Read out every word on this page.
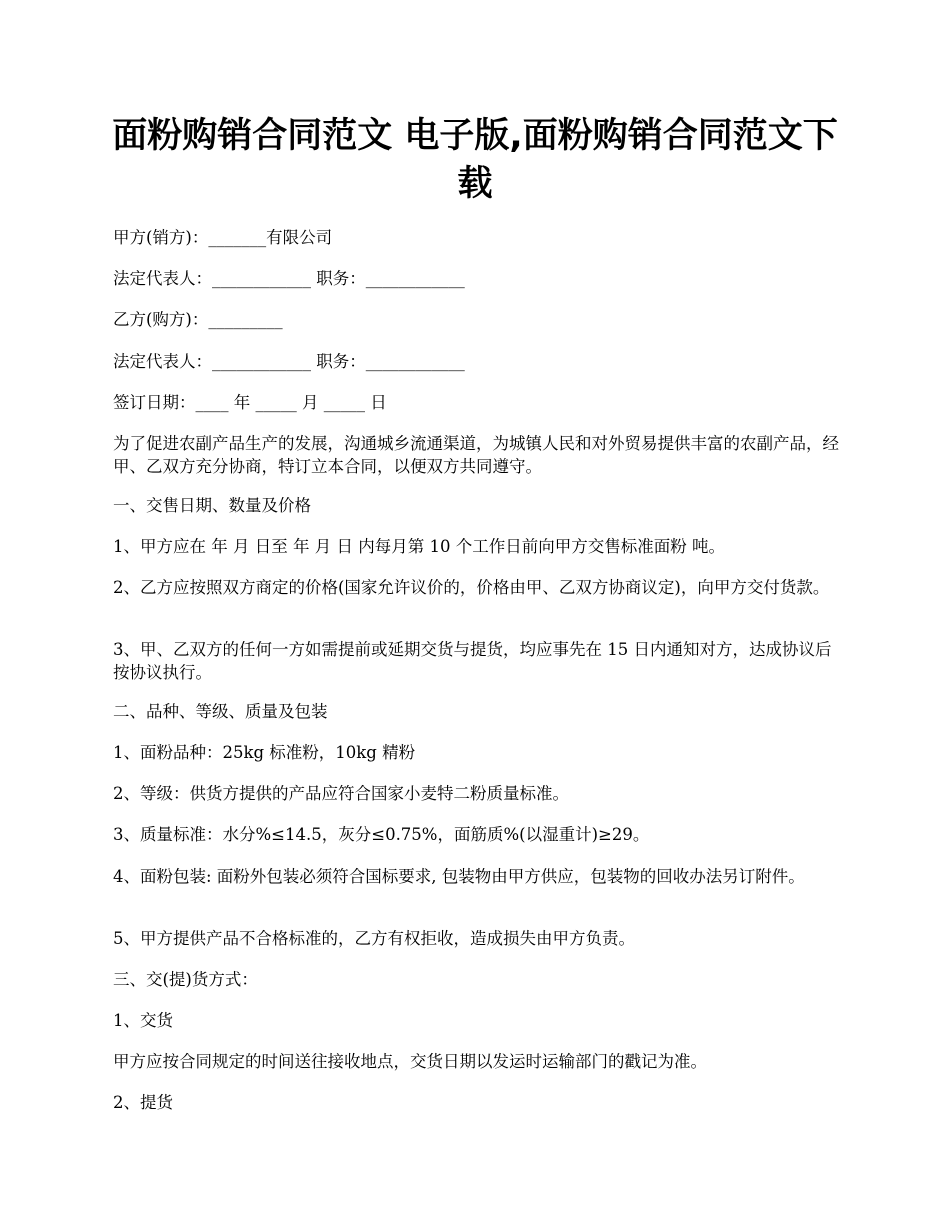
面粉购销合同范文 电子版,面粉购销合同范文下载

甲方(销方)：_______有限公司

法定代表人：____________ 职务：____________

乙方(购方)：_________

法定代表人：____________ 职务：____________

签订日期：____ 年 _____ 月 _____ 日

为了促进农副产品生产的发展，沟通城乡流通渠道，为城镇人民和对外贸易提供丰富的农副产品，经甲、乙双方充分协商，特订立本合同，以便双方共同遵守。

一、交售日期、数量及价格

1、甲方应在 年 月 日至 年 月 日 内每月第 10 个工作日前向甲方交售标准面粉 吨。

2、乙方应按照双方商定的价格(国家允许议价的，价格由甲、乙双方协商议定)，向甲方交付货款。

3、甲、乙双方的任何一方如需提前或延期交货与提货，均应事先在 15 日内通知对方，达成协议后按协议执行。

二、品种、等级、质量及包装

1、面粉品种：25kg 标准粉，10kg 精粉

2、等级：供货方提供的产品应符合国家小麦特二粉质量标准。

3、质量标准：水分%≤14.5，灰分≤0.75%，面筋质%(以湿重计)≥29。

4、面粉包装: 面粉外包装必须符合国标要求, 包装物由甲方供应，包装物的回收办法另订附件。

5、甲方提供产品不合格标准的，乙方有权拒收，造成损失由甲方负责。

三、交(提)货方式：

1、交货

甲方应按合同规定的时间送往接收地点，交货日期以发运时运输部门的戳记为准。

2、提货
